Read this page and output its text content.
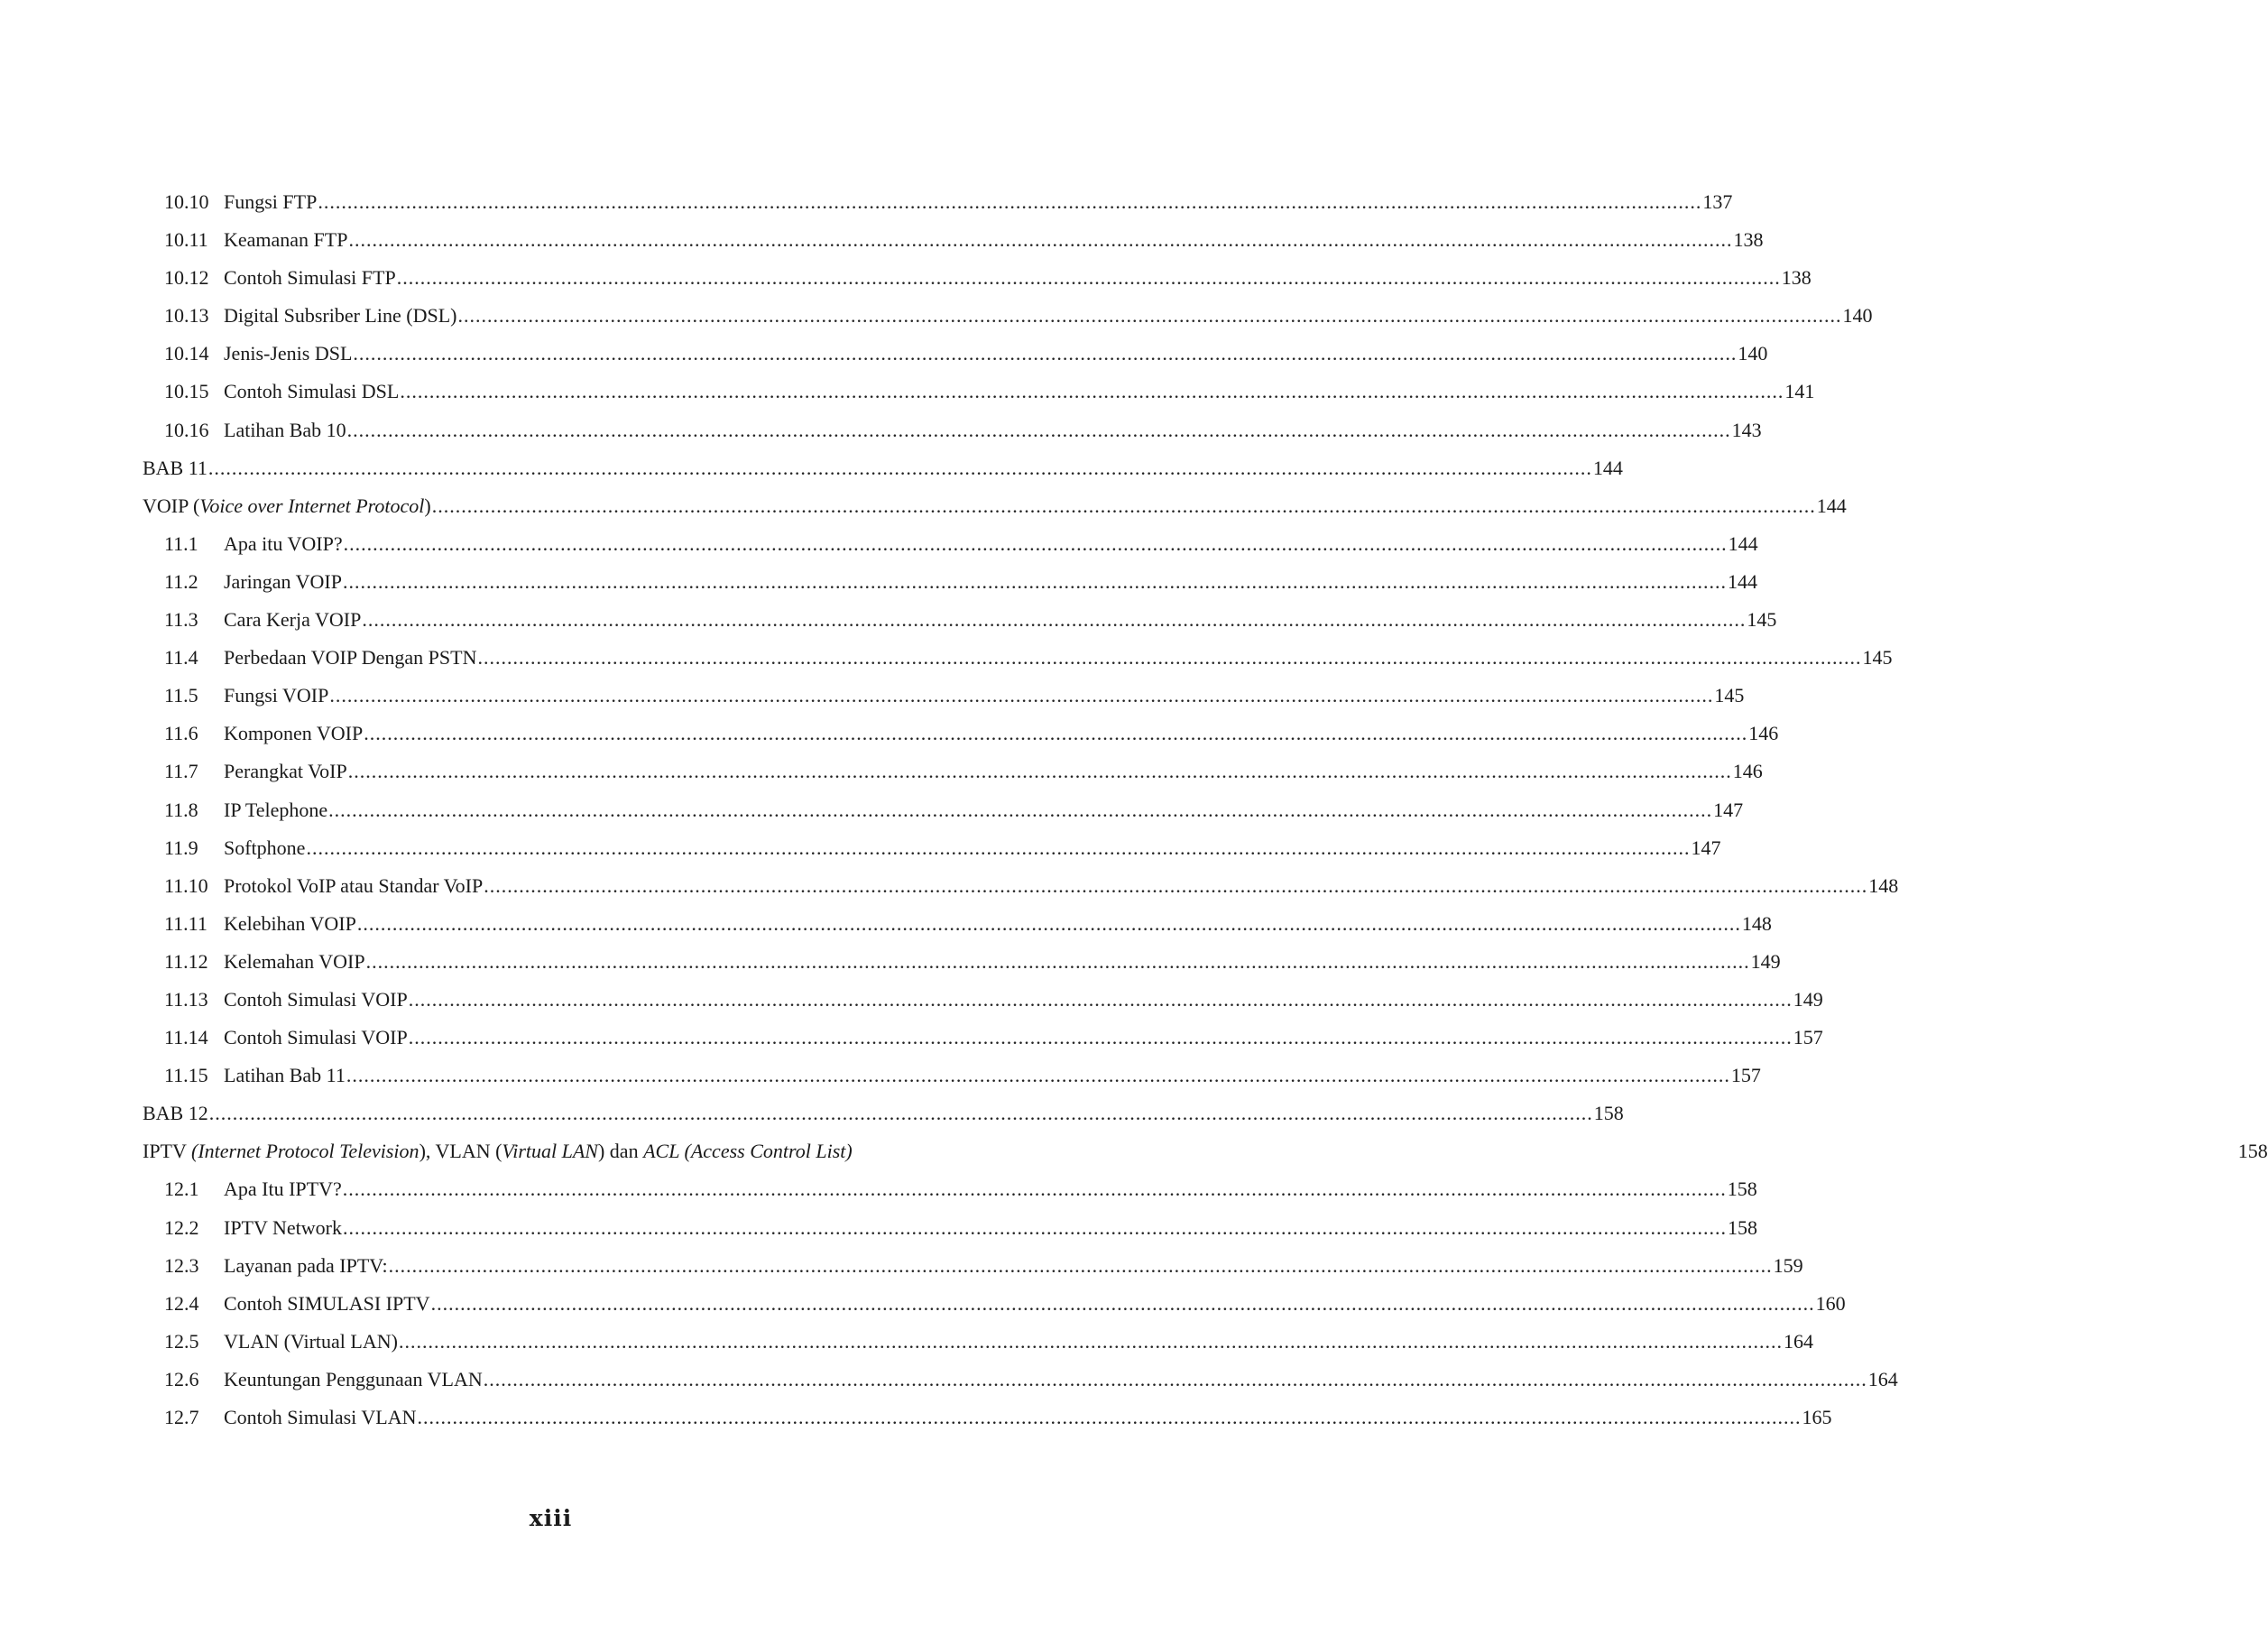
10.10 Fungsi FTP .....	137
10.11 Keamanan FTP .....	138
10.12 Contoh Simulasi FTP .....	138
10.13 Digital Subsriber Line (DSL) .....	140
10.14 Jenis-Jenis DSL .....	140
10.15 Contoh Simulasi DSL .....	141
10.16 Latihan Bab 10 .....	143
BAB 11 .....	144
VOIP (Voice over Internet Protocol) .....	144
11.1	Apa itu VOIP? .....	144
11.2	Jaringan VOIP .....	144
11.3	Cara Kerja VOIP .....	145
11.4	Perbedaan VOIP Dengan PSTN .....	145
11.5	Fungsi VOIP .....	145
11.6	Komponen VOIP .....	146
11.7	Perangkat VoIP .....	146
11.8	IP Telephone .....	147
11.9	Softphone .....	147
11.10 Protokol VoIP atau Standar VoIP .....	148
11.11 Kelebihan VOIP .....	148
11.12 Kelemahan VOIP .....	149
11.13 Contoh Simulasi VOIP .....	149
11.14 Contoh Simulasi VOIP .....	157
11.15 Latihan Bab 11 .....	157
BAB 12 .....	158
IPTV (Internet Protocol Television), VLAN (Virtual LAN) dan ACL (Access Control List)	158
12.1	Apa Itu IPTV? .....	158
12.2	IPTV Network .....	158
12.3	Layanan pada IPTV: .....	159
12.4	Contoh SIMULASI IPTV .....	160
12.5	VLAN (Virtual LAN) .....	164
12.6	Keuntungan Penggunaan VLAN .....	164
12.7	Contoh Simulasi VLAN .....	165
xiii
